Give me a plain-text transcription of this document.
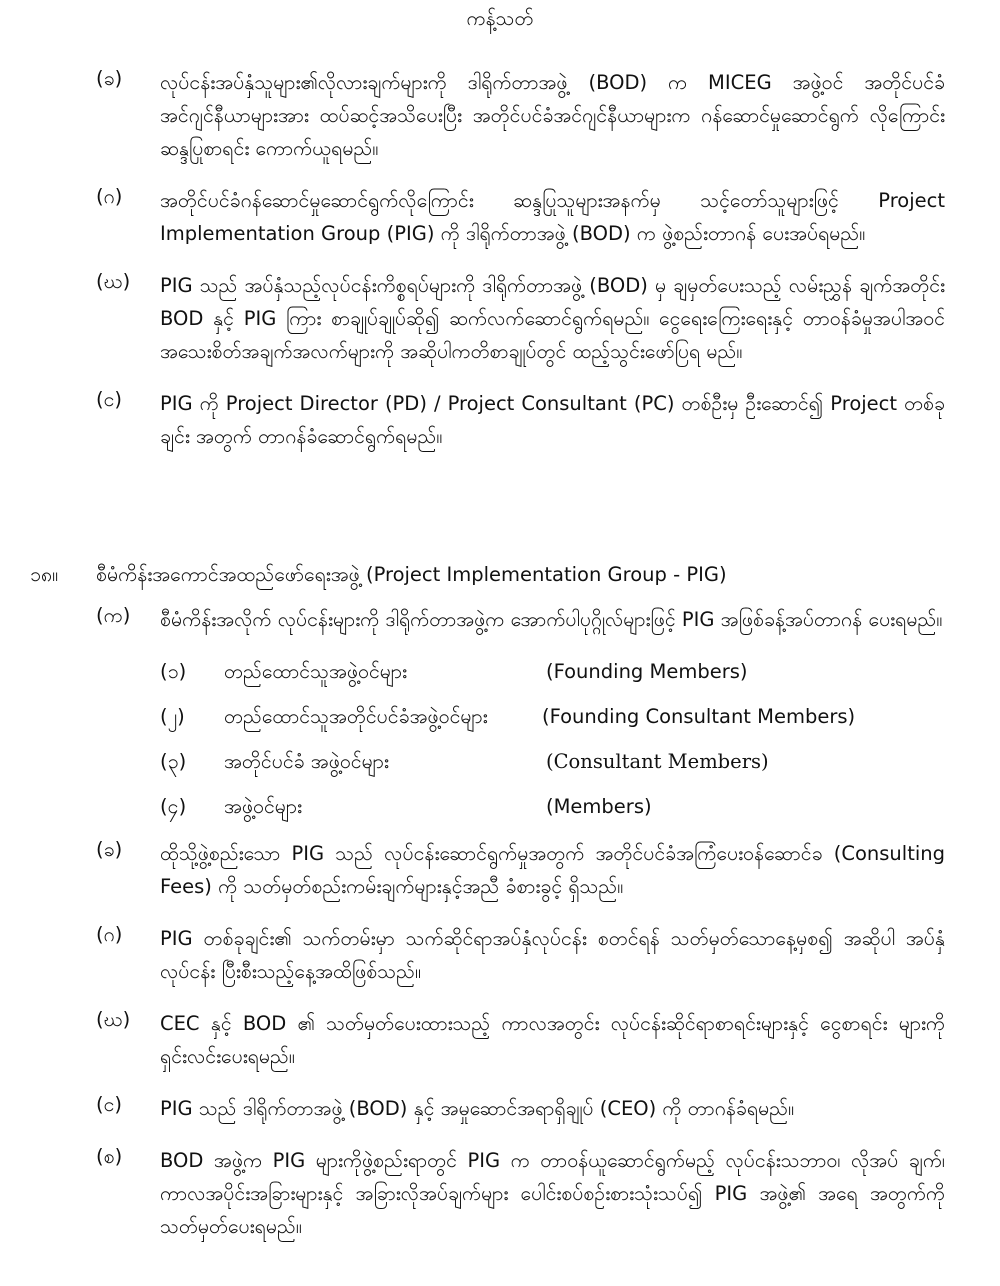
ကန့်သတ်
(ခ)	လုပ်ငန်းအပ်နှံသူများ၏လိုလားချက်များကို ဒါရိုက်တာအဖွဲ့ (BOD) က MICEG အဖွဲ့ဝင် အတိုင်ပင်ခံ အင်ဂျင်နီယာများအား ထပ်ဆင့်အသိပေးပြီး အတိုင်ပင်ခံအင်ဂျင်နီယာများက ဂန်ဆောင်မှုဆောင်ရွက် လိုကြောင်း ဆန္ဒပြုစာရင်း ကောက်ယူရမည်။
(ဂ)	အတိုင်ပင်ခံဂန်ဆောင်မှုဆောင်ရွက်လိုကြောင်း ဆန္ဒပြုသူများအနက်မှ သင့်တော်သူများဖြင့် Project Implementation Group (PIG) ကို ဒါရိုက်တာအဖွဲ့ (BOD) က ဖွဲ့စည်းတာဂန် ပေးအပ်ရမည်။
(ဃ)	PIG သည် အပ်နှံသည့်လုပ်ငန်းကိစ္စရပ်များကို ဒါရိုက်တာအဖွဲ့ (BOD) မှ ချမှတ်ပေးသည့် လမ်းညွှန် ချက်အတိုင်း BOD နှင့် PIG ကြား စာချုပ်ချုပ်ဆို၍ ဆက်လက်ဆောင်ရွက်ရမည်။ ငွေရေးကြေးရေးနှင့် တာဝန်ခံမှုအပါအဝင် အသေးစိတ်အချက်အလက်များကို အဆိုပါကတိစာချုပ်တွင် ထည့်သွင်းဖော်ပြရ မည်။
(င)	PIG ကို Project Director (PD) / Project Consultant (PC) တစ်ဦးမှ ဦးဆောင်၍ Project တစ်ခုချင်း အတွက် တာဂန်ခံဆောင်ရွက်ရမည်။
၁၈။ စီမံကိန်းအကောင်အထည်ဖော်ရေးအဖွဲ့ (Project Implementation Group - PIG)
(က)	စီမံကိန်းအလိုက် လုပ်ငန်းများကို ဒါရိုက်တာအဖွဲ့က အောက်ပါပုဂ္ဂိုလ်များဖြင့် PIG အဖြစ်ခန့်အပ်တာဂန် ပေးရမည်။
(၁) တည်ထောင်သူအဖွဲ့ဝင်များ	(Founding Members)
(၂) တည်ထောင်သူအတိုင်ပင်ခံအဖွဲ့ဝင်များ	(Founding Consultant Members)
(၃) အတိုင်ပင်ခံ အဖွဲ့ဝင်များ	(Consultant Members)
(၄) အဖွဲ့ဝင်များ	(Members)
(ခ)	ထိုသို့ဖွဲ့စည်းသော PIG သည် လုပ်ငန်းဆောင်ရွက်မှုအတွက် အတိုင်ပင်ခံအကြံပေးဝန်ဆောင်ခ (Consulting Fees) ကို သတ်မှတ်စည်းကမ်းချက်များနှင့်အညီ ခံစားခွင့် ရှိသည်။
(ဂ)	PIG တစ်ခုချင်း၏ သက်တမ်းမှာ သက်ဆိုင်ရာအပ်နှံလုပ်ငန်း စတင်ရန် သတ်မှတ်သောနေ့မှစ၍ အဆိုပါ အပ်နှံ လုပ်ငန်း ပြီးစီးသည့်နေ့အထိဖြစ်သည်။
(ဃ)	CEC နှင့် BOD ၏ သတ်မှတ်ပေးထားသည့် ကာလအတွင်း လုပ်ငန်းဆိုင်ရာစာရင်းများနှင့် ငွေစာရင်း များကို ရှင်းလင်းပေးရမည်။
(င)	PIG သည် ဒါရိုက်တာအဖွဲ့ (BOD) နှင့် အမှုဆောင်အရာရှိချုပ် (CEO) ကို တာဂန်ခံရမည်။
(စ)	BOD အဖွဲ့က PIG များကိုဖွဲ့စည်းရာတွင် PIG က တာဝန်ယူဆောင်ရွက်မည့် လုပ်ငန်းသဘာဝ၊ လိုအပ် ချက်၊ ကာလအပိုင်းအခြားများနှင့် အခြားလိုအပ်ချက်များ ပေါင်းစပ်စဉ်းစားသုံးသပ်၍ PIG အဖွဲ့၏ အရေ အတွက်ကို သတ်မှတ်ပေးရမည်။
